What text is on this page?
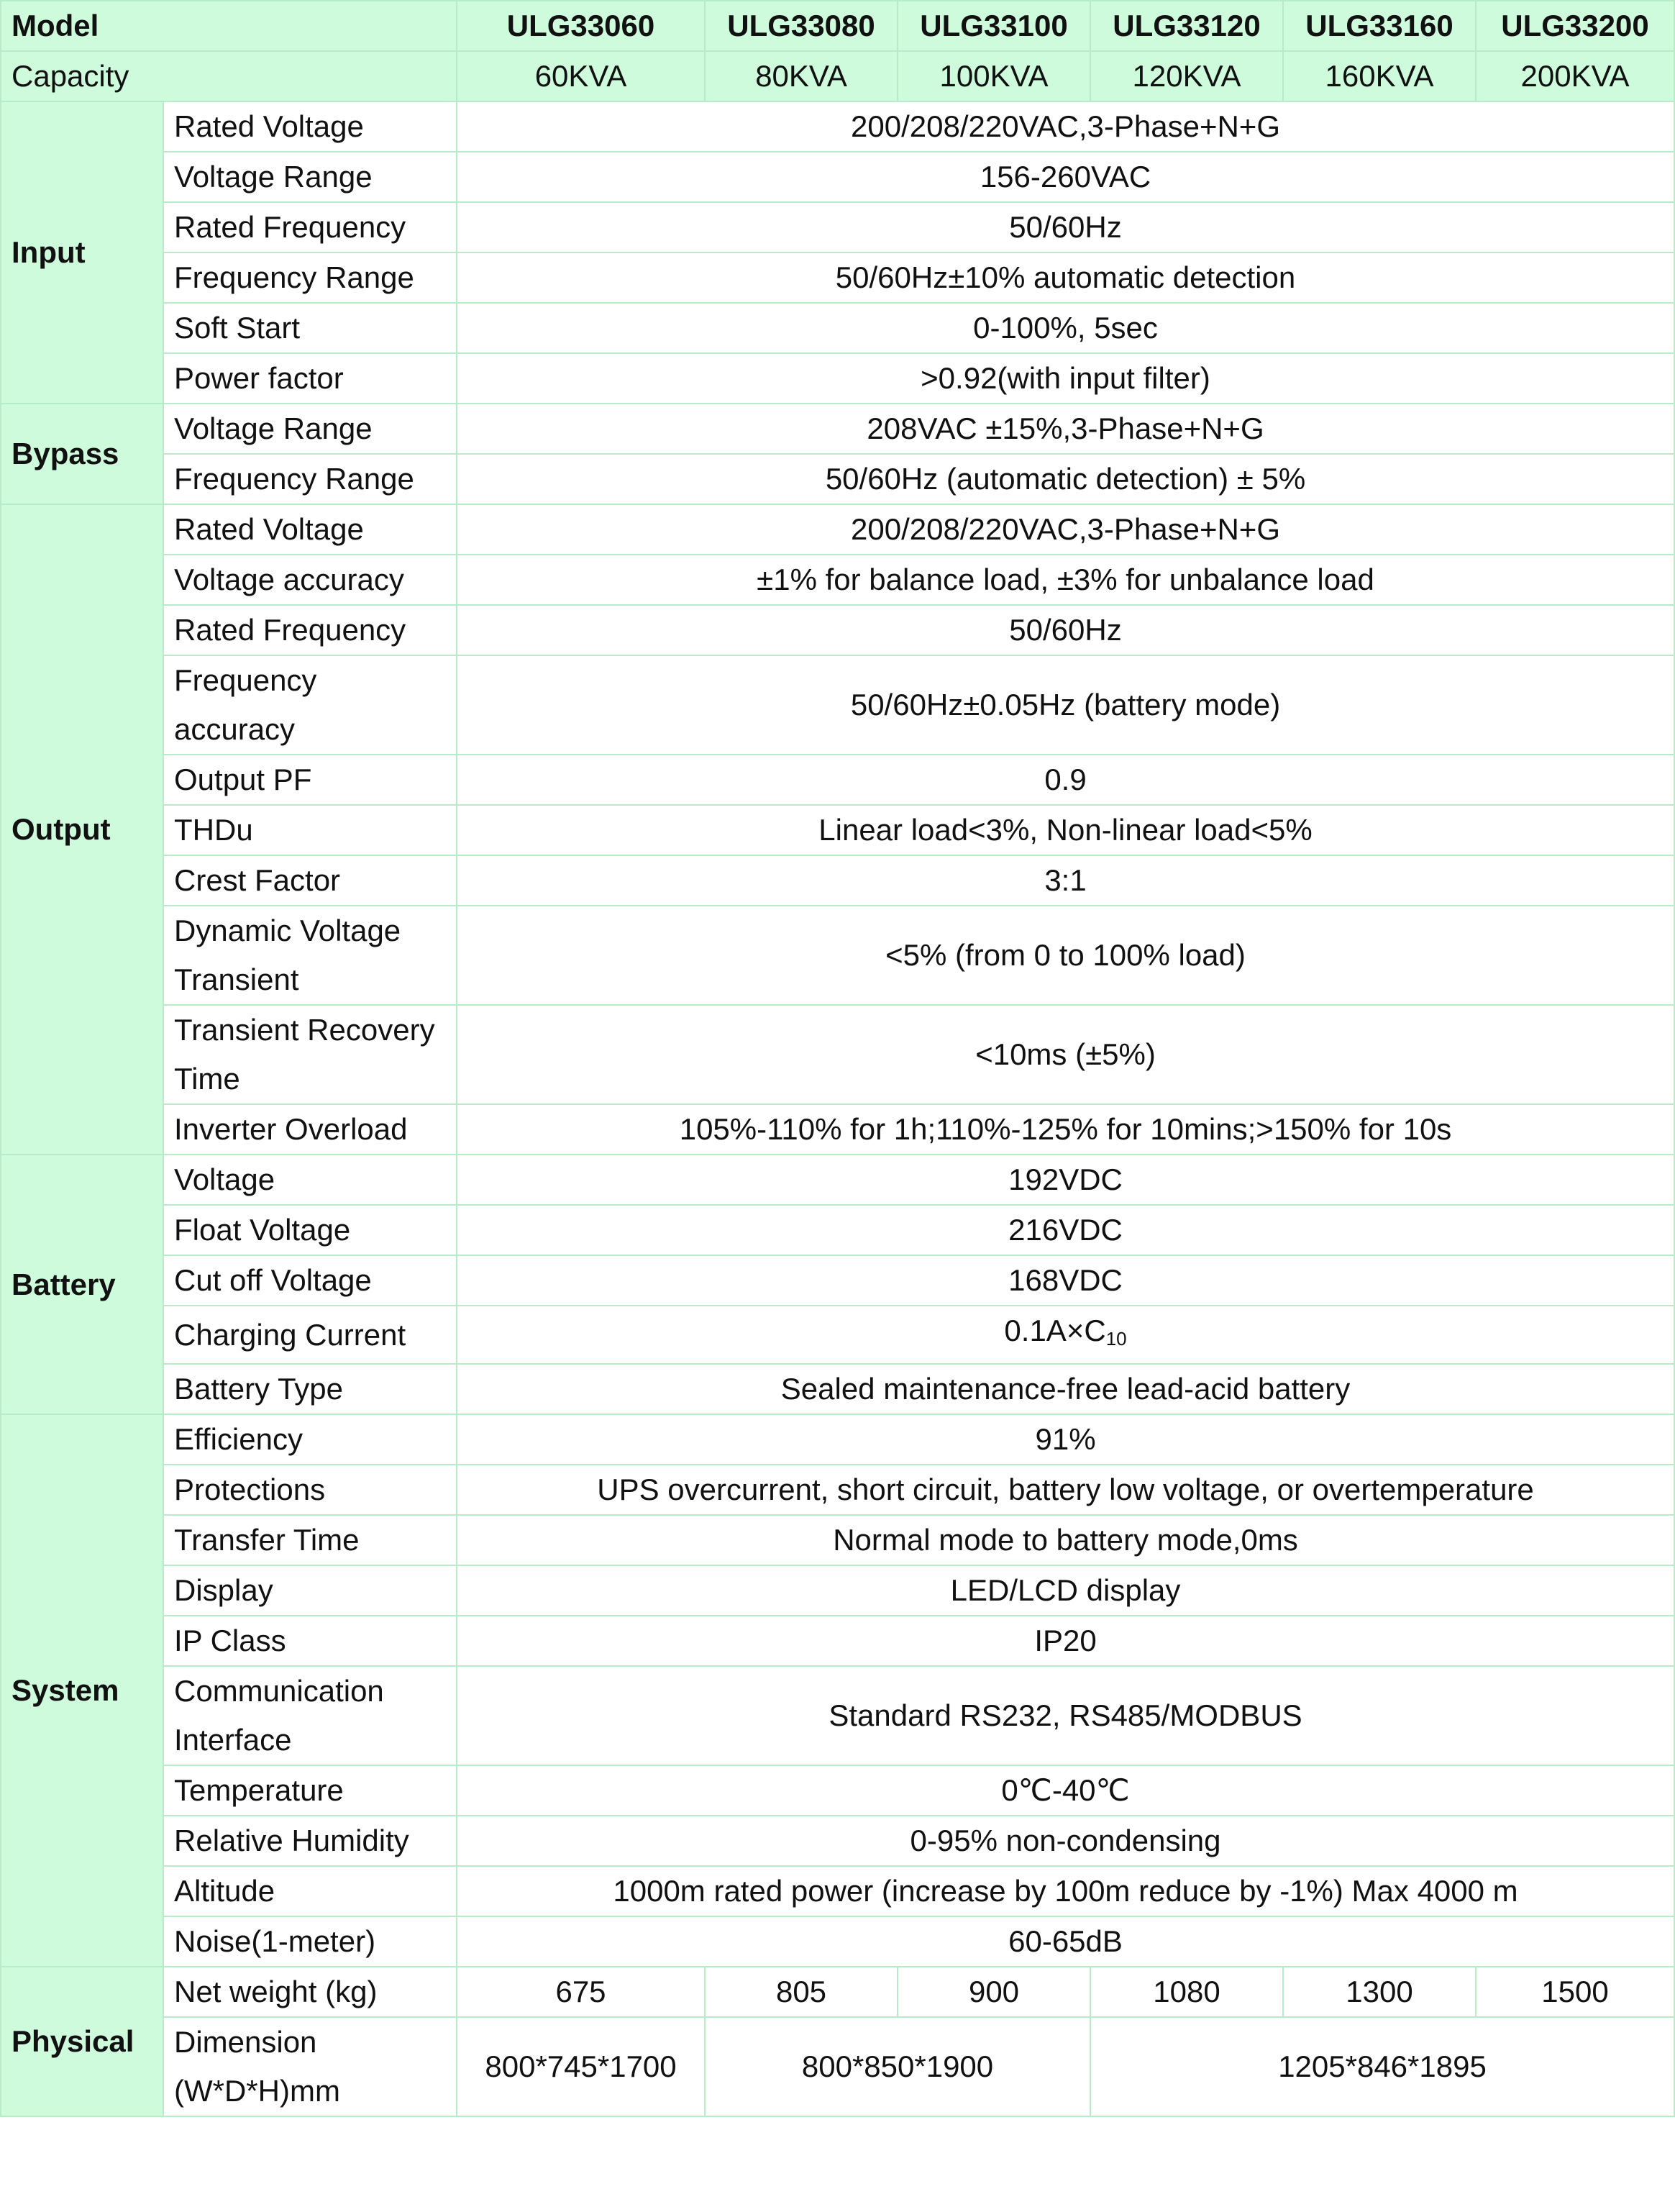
Model		ULG33060	ULG33080	ULG33100	ULG33120	ULG33160	ULG33200
Capacity		60KVA	80KVA	100KVA	120KVA	160KVA	200KVA
Input	Rated Voltage	200/208/220VAC,3-Phase+N+G					
	Voltage Range	156-260VAC					
	Rated Frequency	50/60Hz					
	Frequency Range	50/60Hz±10% automatic detection					
	Soft Start	0-100%, 5sec					
	Power factor	>0.92(with input filter)					
Bypass	Voltage Range	208VAC ±15%,3-Phase+N+G					
	Frequency Range	50/60Hz (automatic detection) ± 5%					
Output	Rated Voltage	200/208/220VAC,3-Phase+N+G					
	Voltage accuracy	±1% for balance load, ±3% for unbalance load					
	Rated Frequency	50/60Hz					
	Frequency accuracy	50/60Hz±0.05Hz (battery mode)					
	Output PF	0.9					
	THDu	Linear load<3%, Non-linear load<5%					
	Crest Factor	3:1					
	Dynamic Voltage Transient	<5% (from 0 to 100% load)					
	Transient Recovery Time	<10ms (±5%)					
	Inverter Overload	105%-110% for 1h;110%-125% for 10mins;>150% for 10s					
Battery	Voltage	192VDC					
	Float Voltage	216VDC					
	Cut off Voltage	168VDC					
	Charging Current	$0.1A\times C_{10}$
	Battery Type	Sealed maintenance-free lead-acid battery					
System	Efficiency	91%					
	Protections	UPS overcurrent, short circuit, battery low voltage, or overtemperature					
	Transfer Time	Normal mode to battery mode,0ms					
	Display	LED/LCD display					
	IP Class	IP20					
	Communication Interface	Standard RS232, RS485/MODBUS					
	Temperature	0℃-40℃					
	Relative Humidity	0-95% non-condensing					
	Altitude	1000m rated power (increase by 100m reduce by -1%) Max 4000 m					
	Noise(1-meter)	60-65dB					
Physical	Net weight (kg)	675	805	900	1080	1300	1500
	Dimension (W*D*H)mm	800*745*1700	800*850*1900		1205*846*1895		
